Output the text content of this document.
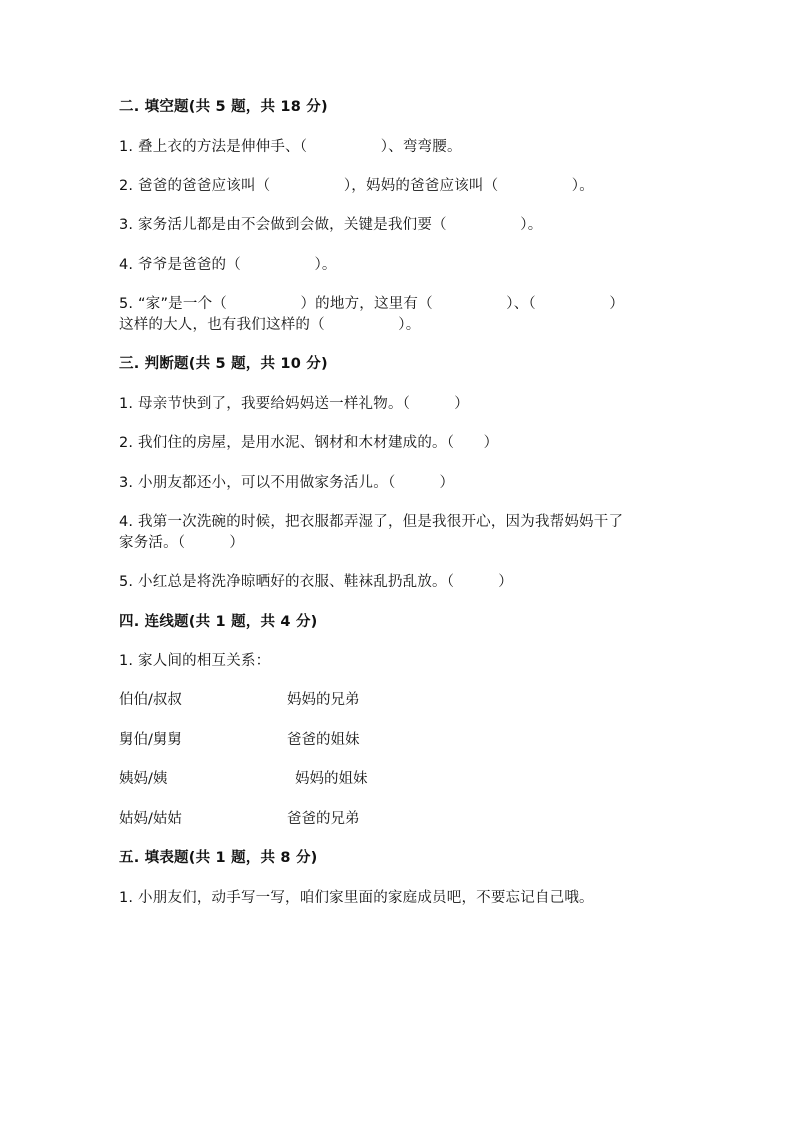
二. 填空题(共 5 题，共 18 分)
1. 叠上衣的方法是伸伸手、（　　　　　）、弯弯腰。
2. 爸爸的爸爸应该叫（　　　　　），妈妈的爸爸应该叫（　　　　　）。
3. 家务活儿都是由不会做到会做，关键是我们要（　　　　　）。
4. 爷爷是爸爸的（　　　　　）。
5. “家”是一个（　　　　　）的地方，这里有（　　　　　）、（　　　　　）
这样的大人，也有我们这样的（　　　　　）。
三. 判断题(共 5 题，共 10 分)
1. 母亲节快到了，我要给妈妈送一样礼物。（　　　）
2. 我们住的房屋，是用水泥、钢材和木材建成的。（　　）
3. 小朋友都还小，可以不用做家务活儿。（　　　）
4. 我第一次洗碗的时候，把衣服都弄湿了，但是我很开心，因为我帮妈妈干了
家务活。（　　　）
5. 小红总是将洗净晾晒好的衣服、鞋袜乱扔乱放。（　　　）
四. 连线题(共 1 题，共 4 分)
1. 家人间的相互关系：
伯伯/叔叔	妈妈的兄弟
舅伯/舅舅	爸爸的姐妹
姨妈/姨	妈妈的姐妹
姑妈/姑姑	爸爸的兄弟
五. 填表题(共 1 题，共 8 分)
1. 小朋友们，动手写一写，咱们家里面的家庭成员吧，不要忘记自己哦。
